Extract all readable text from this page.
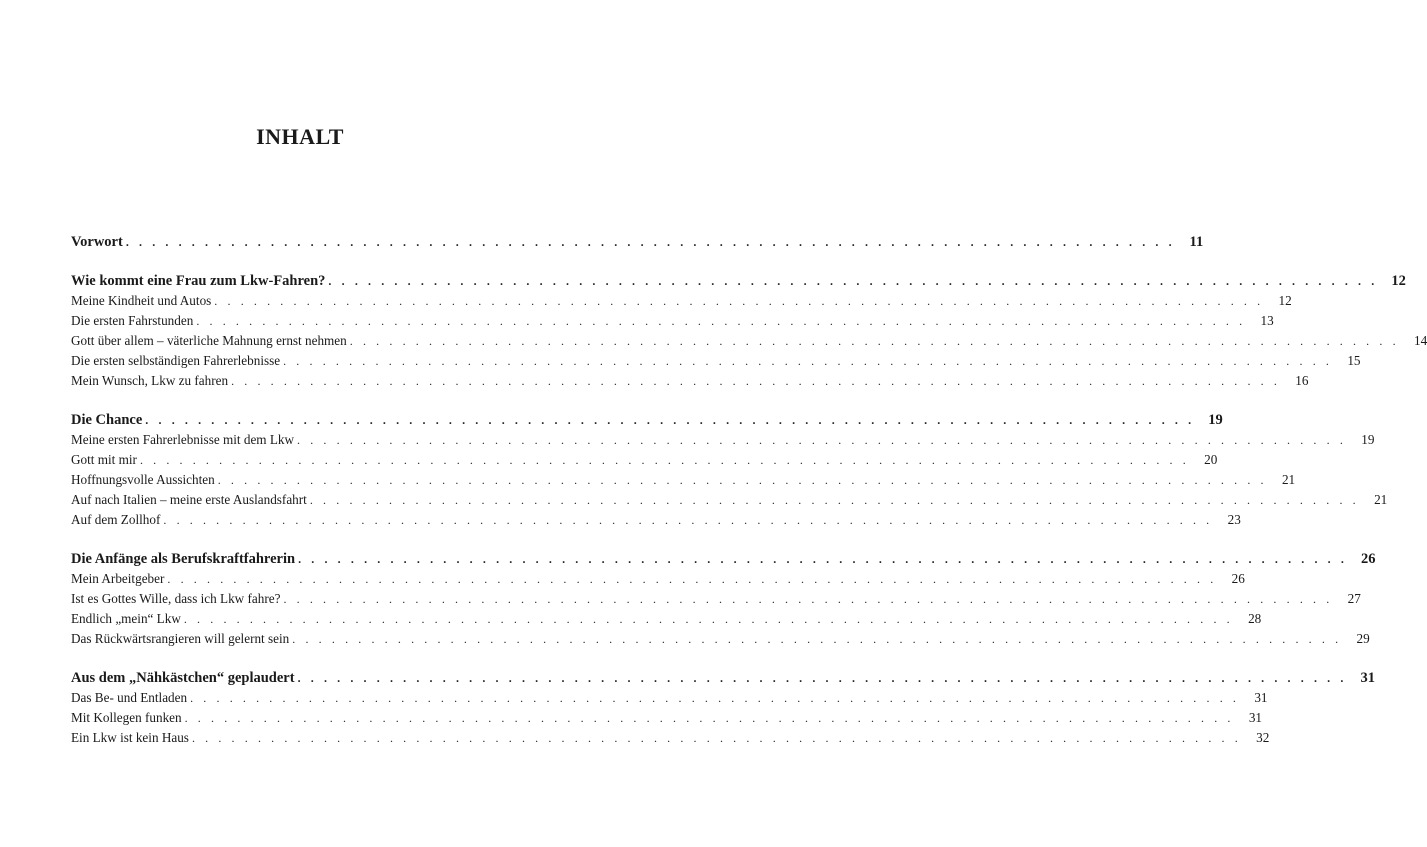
INHALT
Vorwort . . . . . . . . . . . . . . . . . . . . . . . . . . . . . . . . . . . . . . . . . . . . . . . . . . . . . . . . . . . . . . . . . . . . . . . . . . . . . . . . 11
Wie kommt eine Frau zum Lkw-Fahren? . . . . . . . . . . . . . . . . . . . . . . . . . . . . . . . . . . . . . . . . . . . . . . . . . . . . . . . . . . . . . . . . . . . . . . . . . . . . . . . . 12
Meine Kindheit und Autos . . . . . . . . . . . . . . . . . . . . . . . . . . . . . . . . . . . . . . . . . . . . . . . . . . . . . . . . . . . . . . . . . . . . . . . . . . . . . . . .	12
Die ersten Fahrstunden . . . . . . . . . . . . . . . . . . . . . . . . . . . . . . . . . . . . . . . . . . . . . . . . . . . . . . . . . . . . . . . . . . . . . . . . . . . . . . . .	13
Gott über allem – väterliche Mahnung ernst nehmen . . . . . . . . . . . . . . . . . . . . . . . . . . . . . . . . . . . . . . . . . . . . . . . . . . . . . . . . . . . . . . . . . . . . . . . . . . . . . . . .	14
Die ersten selbständigen Fahrerlebnisse . . . . . . . . . . . . . . . . . . . . . . . . . . . . . . . . . . . . . . . . . . . . . . . . . . . . . . . . . . . . . . . . . . . . . . . . . . . . . . . .	15
Mein Wunsch, Lkw zu fahren . . . . . . . . . . . . . . . . . . . . . . . . . . . . . . . . . . . . . . . . . . . . . . . . . . . . . . . . . . . . . . . . . . . . . . . . . . . . . . . .	16
Die Chance . . . . . . . . . . . . . . . . . . . . . . . . . . . . . . . . . . . . . . . . . . . . . . . . . . . . . . . . . . . . . . . . . . . . . . . . . . . . . . . . 19
Meine ersten Fahrerlebnisse mit dem Lkw . . . . . . . . . . . . . . . . . . . . . . . . . . . . . . . . . . . . . . . . . . . . . . . . . . . . . . . . . . . . . . . . . . . . . . . . . . . . . . . .	19
Gott mit mir . . . . . . . . . . . . . . . . . . . . . . . . . . . . . . . . . . . . . . . . . . . . . . . . . . . . . . . . . . . . . . . . . . . . . . . . . . . . . . . .	20
Hoffnungsvolle Aussichten . . . . . . . . . . . . . . . . . . . . . . . . . . . . . . . . . . . . . . . . . . . . . . . . . . . . . . . . . . . . . . . . . . . . . . . . . . . . . . . .	21
Auf nach Italien – meine erste Auslandsfahrt . . . . . . . . . . . . . . . . . . . . . . . . . . . . . . . . . . . . . . . . . . . . . . . . . . . . . . . . . . . . . . . . . . . . . . . . . . . . . . . .	21
Auf dem Zollhof . . . . . . . . . . . . . . . . . . . . . . . . . . . . . . . . . . . . . . . . . . . . . . . . . . . . . . . . . . . . . . . . . . . . . . . . . . . . . . . .	23
Die Anfänge als Berufskraftfahrerin . . . . . . . . . . . . . . . . . . . . . . . . . . . . . . . . . . . . . . . . . . . . . . . . . . . . . . . . . . . . . . . . . . . . . . . . . . . . . . . . 26
Mein Arbeitgeber . . . . . . . . . . . . . . . . . . . . . . . . . . . . . . . . . . . . . . . . . . . . . . . . . . . . . . . . . . . . . . . . . . . . . . . . . . . . . . . .	26
Ist es Gottes Wille, dass ich Lkw fahre? . . . . . . . . . . . . . . . . . . . . . . . . . . . . . . . . . . . . . . . . . . . . . . . . . . . . . . . . . . . . . . . . . . . . . . . . . . . . . . . .	27
Endlich „mein“ Lkw . . . . . . . . . . . . . . . . . . . . . . . . . . . . . . . . . . . . . . . . . . . . . . . . . . . . . . . . . . . . . . . . . . . . . . . . . . . . . . . .	28
Das Rückwärtsrangieren will gelernt sein . . . . . . . . . . . . . . . . . . . . . . . . . . . . . . . . . . . . . . . . . . . . . . . . . . . . . . . . . . . . . . . . . . . . . . . . . . . . . . . .	29
Aus dem „Nähkästchen“ geplaudert . . . . . . . . . . . . . . . . . . . . . . . . . . . . . . . . . . . . . . . . . . . . . . . . . . . . . . . . . . . . . . . . . . . . . . . . . . . . . . . . 31
Das Be- und Entladen . . . . . . . . . . . . . . . . . . . . . . . . . . . . . . . . . . . . . . . . . . . . . . . . . . . . . . . . . . . . . . . . . . . . . . . . . . . . . . . .	31
Mit Kollegen funken . . . . . . . . . . . . . . . . . . . . . . . . . . . . . . . . . . . . . . . . . . . . . . . . . . . . . . . . . . . . . . . . . . . . . . . . . . . . . . . .	31
Ein Lkw ist kein Haus . . . . . . . . . . . . . . . . . . . . . . . . . . . . . . . . . . . . . . . . . . . . . . . . . . . . . . . . . . . . . . . . . . . . . . . . . . . . . . . .	32
